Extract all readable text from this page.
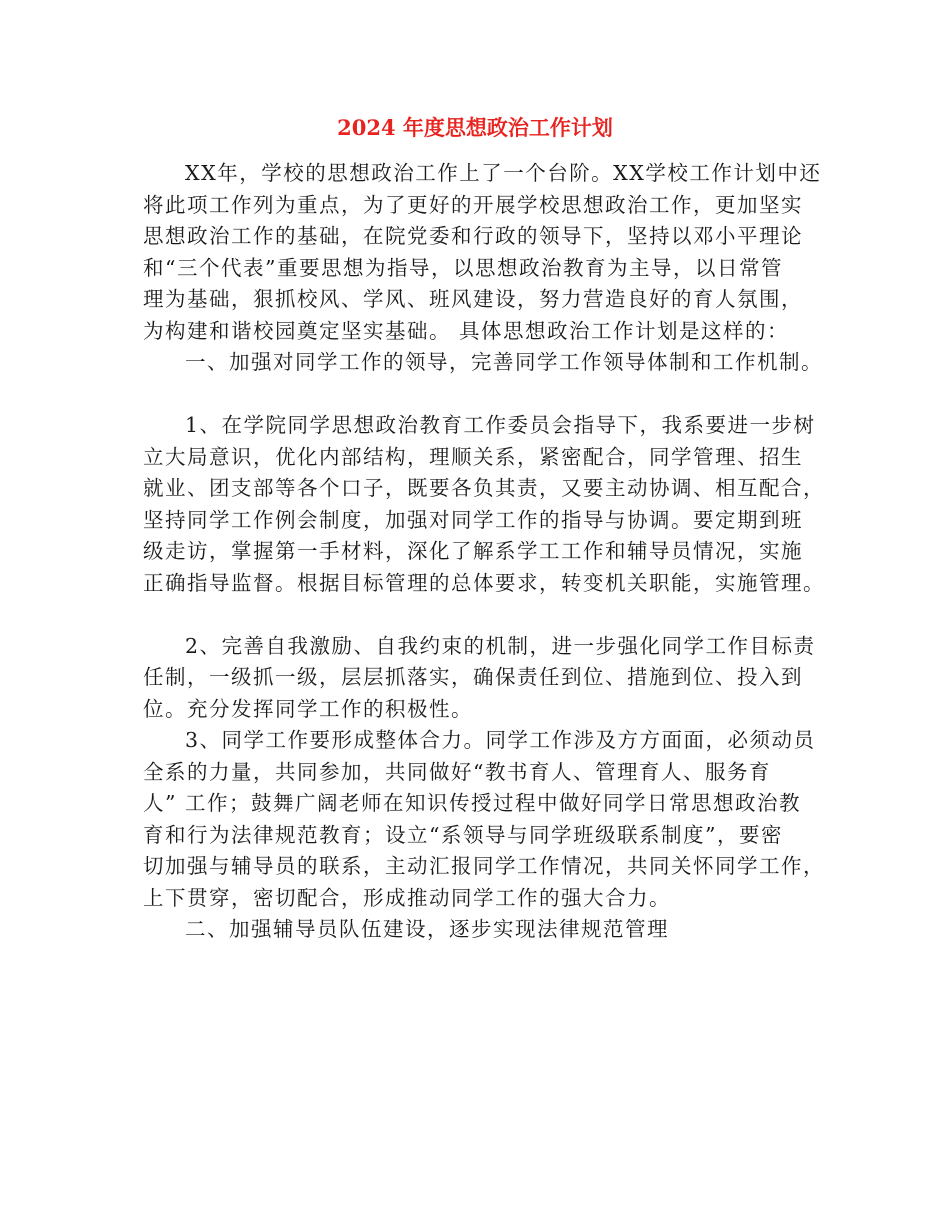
2024 年度思想政治工作计划
XX年，学校的思想政治工作上了一个台阶。XX学校工作计划中还
将此项工作列为重点，为了更好的开展学校思想政治工作，更加坚实
思想政治工作的基础，在院党委和行政的领导下，坚持以邓小平理论
和“三个代表”重要思想为指导，以思想政治教育为主导，以日常管
理为基础，狠抓校风、学风、班风建设，努力营造良好的育人氛围，
为构建和谐校园奠定坚实基础。 具体思想政治工作计划是这样的：
一、加强对同学工作的领导，完善同学工作领导体制和工作机制。
1、在学院同学思想政治教育工作委员会指导下，我系要进一步树
立大局意识，优化内部结构，理顺关系，紧密配合，同学管理、招生
就业、团支部等各个口子，既要各负其责，又要主动协调、相互配合，
坚持同学工作例会制度，加强对同学工作的指导与协调。要定期到班
级走访，掌握第一手材料，深化了解系学工工作和辅导员情况，实施
正确指导监督。根据目标管理的总体要求，转变机关职能，实施管理。
2、完善自我激励、自我约束的机制，进一步强化同学工作目标责
任制，一级抓一级，层层抓落实，确保责任到位、措施到位、投入到
位。充分发挥同学工作的积极性。
3、同学工作要形成整体合力。同学工作涉及方方面面，必须动员
全系的力量，共同参加，共同做好“教书育人、管理育人、服务育
人” 工作；鼓舞广阔老师在知识传授过程中做好同学日常思想政治教
育和行为法律规范教育；设立“系领导与同学班级联系制度”，要密
切加强与辅导员的联系，主动汇报同学工作情况，共同关怀同学工作，
上下贯穿，密切配合，形成推动同学工作的强大合力。
二、加强辅导员队伍建设，逐步实现法律规范管理
